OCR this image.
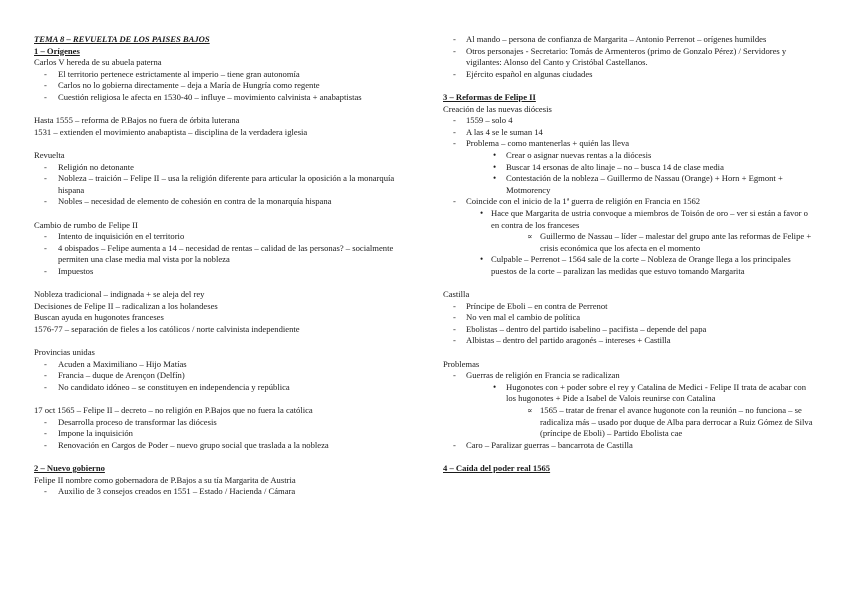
TEMA 8 – REVUELTA DE LOS PAISES BAJOS
1 – Orígenes
Carlos V hereda de su abuela paterna
- El territorio pertenece estrictamente al imperio – tiene gran autonomía
- Carlos no lo gobierna directamente – deja a María de Hungría como regente
- Cuestión religiosa le afecta en 1530-40 – influye – movimiento calvinista + anabaptistas
Hasta 1555 – reforma de P.Bajos no fuera de órbita luterana
1531 – extienden el movimiento anabaptista – disciplina de la verdadera iglesia
Revuelta
- Religión no detonante
- Nobleza – traición – Felipe II – usa la religión diferente para articular la oposición a la monarquía hispana
- Nobles – necesidad de elemento de cohesión en contra de la monarquía hispana
Cambio de rumbo de Felipe II
- Intento de inquisición en el territorio
- 4 obispados – Felipe aumenta a 14 – necesidad de rentas – calidad de las personas? – socialmente permiten una clase media mal vista por la nobleza
- Impuestos
Nobleza tradicional – indignada + se aleja del rey
Decisiones de Felipe II – radicalizan a los holandeses
Buscan ayuda en hugonotes franceses
1576-77 – separación de fieles a los católicos / norte calvinista independiente
Provincias unidas
- Acuden a Maximiliano – Hijo Matías
- Francia – duque de Arençon (Delfín)
- No candidato idóneo – se constituyen en independencia y república
17 oct 1565 – Felipe II – decreto – no religión en P.Bajos que no fuera la católica
- Desarrolla proceso de transformar las diócesis
- Impone la inquisición
- Renovación en Cargos de Poder – nuevo grupo social que traslada a la nobleza
2 – Nuevo gobierno
Felipe II nombre como gobernadora de P.Bajos a su tía Margarita de Austria
- Auxilio de 3 consejos creados en 1551 – Estado / Hacienda / Cámara
- Al mando – persona de confianza de Margarita – Antonio Perrenot – orígenes humildes
- Otros personajes - Secretario: Tomás de Armenteros (primo de Gonzalo Pérez) / Servidores y vigilantes: Alonso del Canto y Cristóbal Castellanos.
- Ejército español en algunas ciudades
3 – Reformas de Felipe II
Creación de las nuevas diócesis
- 1559 – solo 4
- A las 4 se le suman 14
- Problema – como mantenerlas + quién las lleva
• Crear o asignar nuevas rentas a la diócesis
• Buscar 14 ersonas de alto linaje – no – busca 14 de clase media
• Contestación de la nobleza – Guillermo de Nassau (Orange) + Horn + Egmont + Motmorency
- Coincide con el inicio de la 1ª guerra de religión en Francia en 1562
• Hace que Margarita de ustria convoque a miembros de Toisón de oro – ver si están a favor o en contra de los franceses
∝ Guillermo de Nassau – líder – malestar del grupo ante las reformas de Felipe + crisis económica que los afecta en el momento
• Culpable – Perrenot – 1564 sale de la corte – Nobleza de Orange llega a los principales puestos de la corte – paralizan las medidas que estuvo tomando Margarita
Castilla
- Príncipe de Eboli – en contra de Perrenot
- No ven mal el cambio de política
- Ebolistas – dentro del partido isabelino – pacifista – depende del papa
- Albistas – dentro del partido aragonés – intereses + Castilla
Problemas
- Guerras de religión en Francia se radicalizan
• Hugonotes con + poder sobre el rey y Catalina de Medici - Felipe II trata de acabar con los hugonotes + Pide a Isabel de Valois reunirse con Catalina
∝ 1565 – tratar de frenar el avance hugonote con la reunión – no funciona – se radicaliza más – usado por duque de Alba para derrocar a Ruiz Gómez de Silva (príncipe de Eboli) – Partido Ebolista cae
- Caro – Paralizar guerras – bancarrota de Castilla
4 – Caída del poder real 1565
